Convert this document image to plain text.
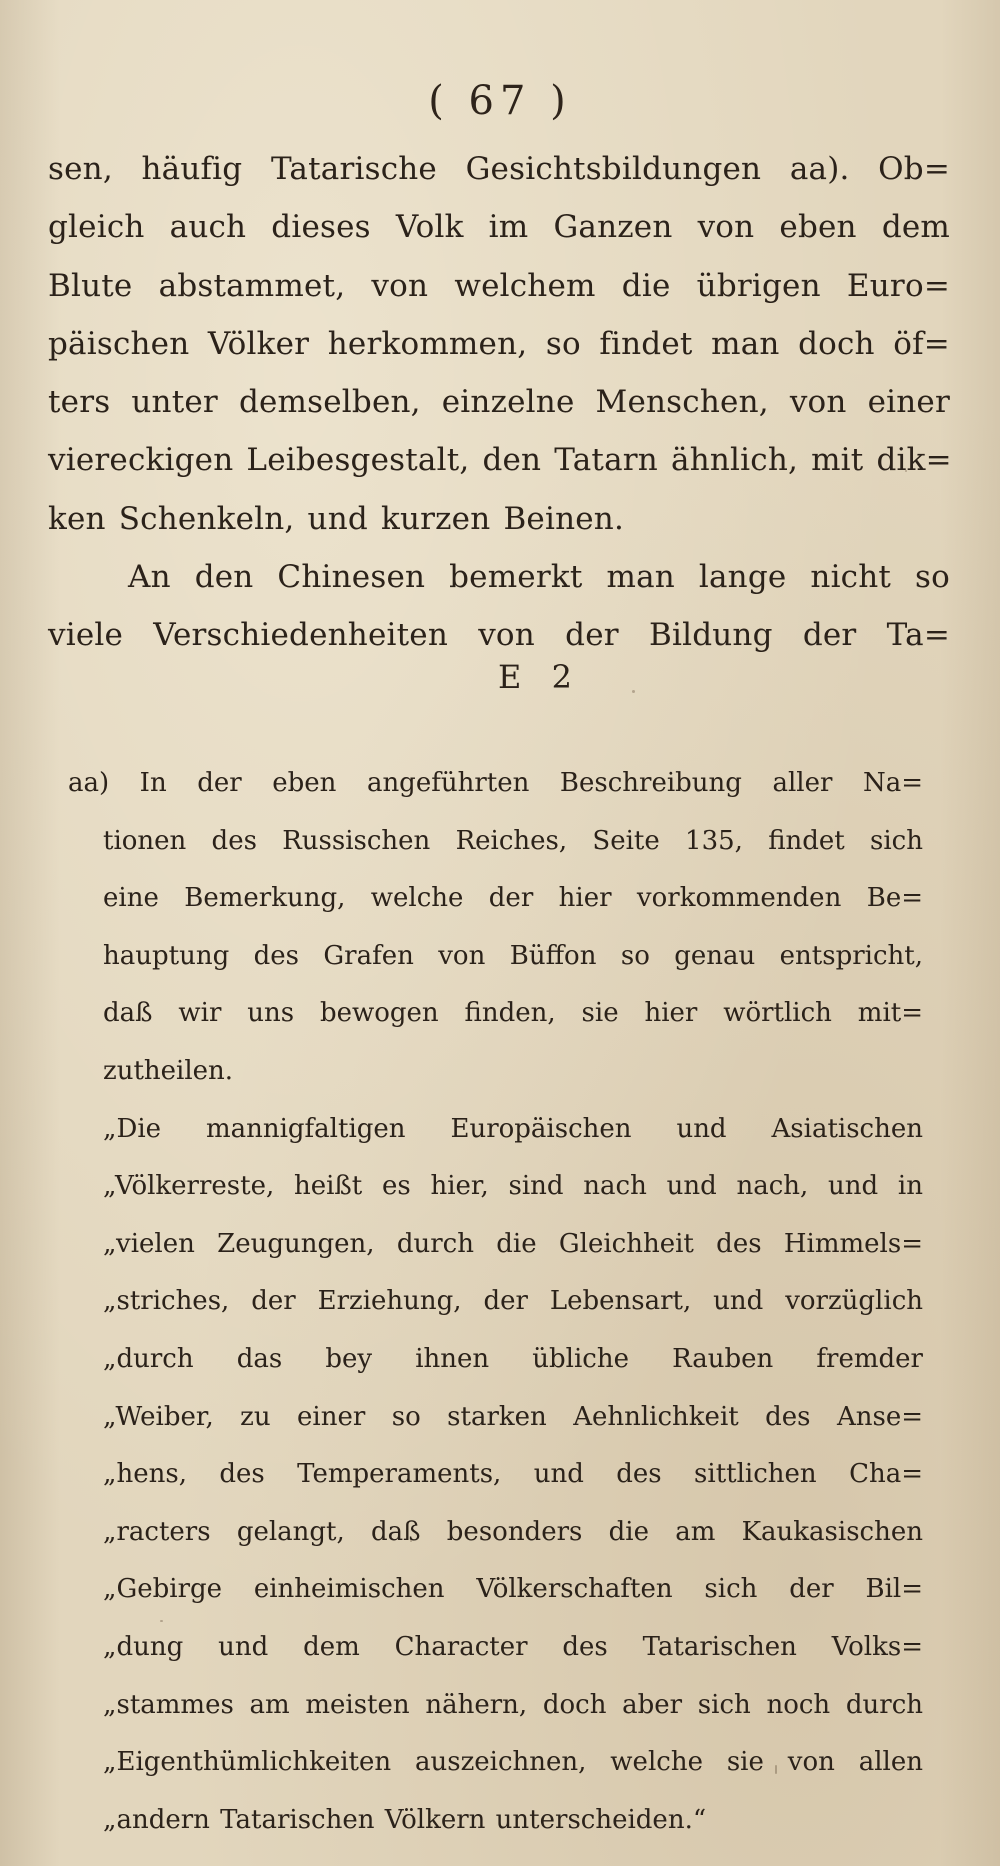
( 67 )
sen, häufig Tatarische Gesichtsbildungen aa). Ob=
gleich auch dieses Volk im Ganzen von eben dem
Blute abstammet, von welchem die übrigen Euro=
päischen Völker herkommen, so findet man doch öf=
ters unter demselben, einzelne Menschen, von einer
viereckigen Leibesgestalt, den Tatarn ähnlich, mit dik=
ken Schenkeln, und kurzen Beinen.
An den Chinesen bemerkt man lange nicht so
viele Verschiedenheiten von der Bildung der Ta=
E 2
aa) In der eben angeführten Beschreibung aller Na=
tionen des Russischen Reiches, Seite 135, findet sich
eine Bemerkung, welche der hier vorkommenden Be=
hauptung des Grafen von Büffon so genau entspricht,
daß wir uns bewogen finden, sie hier wörtlich mit=
zutheilen.
„Die mannigfaltigen Europäischen und Asiatischen
„Völkerreste, heißt es hier, sind nach und nach, und in
„vielen Zeugungen, durch die Gleichheit des Himmels=
„striches, der Erziehung, der Lebensart, und vorzüglich
„durch das bey ihnen übliche Rauben fremder
„Weiber, zu einer so starken Aehnlichkeit des Anse=
„hens, des Temperaments, und des sittlichen Cha=
„racters gelangt, daß besonders die am Kaukasischen
„Gebirge einheimischen Völkerschaften sich der Bil=
„dung und dem Character des Tatarischen Volks=
„stammes am meisten nähern, doch aber sich noch durch
„Eigenthümlichkeiten auszeichnen, welche sie von allen
„andern Tatarischen Völkern unterscheiden.“
